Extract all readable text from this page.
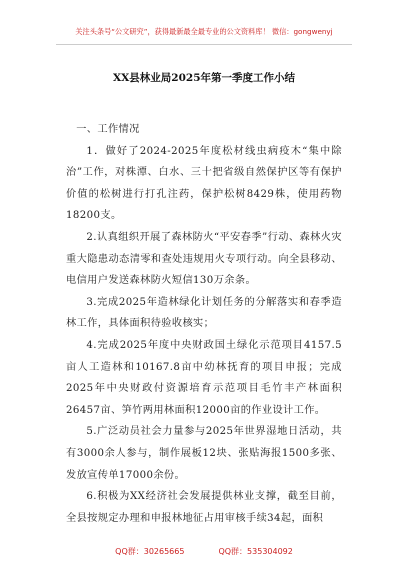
关注头条号“公文研究”，获得最新最全最专业的公文资料库！ 微信：gongwenyj
XX县林业局2025年第一季度工作小结

一、工作情况

1．做好了2024-2025年度松材线虫病疫木“集中除治”工作，对株潭、白水、三十把省级自然保护区等有保护价值的松树进行打孔注药，保护松树8429株，使用药物18200支。

2.认真组织开展了森林防火“平安春季”行动、森林火灾重大隐患动态清零和查处违规用火专项行动。向全县移动、电信用户发送森林防火短信130万余条。

3.完成2025年造林绿化计划任务的分解落实和春季造林工作，具体面积待验收核实；

4.完成2025年度中央财政国土绿化示范项目4157.5亩人工造林和10167.8亩中幼林抚育的项目申报；完成2025年中央财政付资源培育示范项目毛竹丰产林面积26457亩、笋竹两用林面积12000亩的作业设计工作。

5.广泛动员社会力量参与2025年世界湿地日活动，共有3000余人参与，制作展板12块、张贴海报1500多张、发放宣传单17000余份。

6.积极为XX经济社会发展提供林业支撑，截至目前，全县按规定办理和申报林地征占用审核手续34起，面积

QQ群：30265665	QQ群：535304092
